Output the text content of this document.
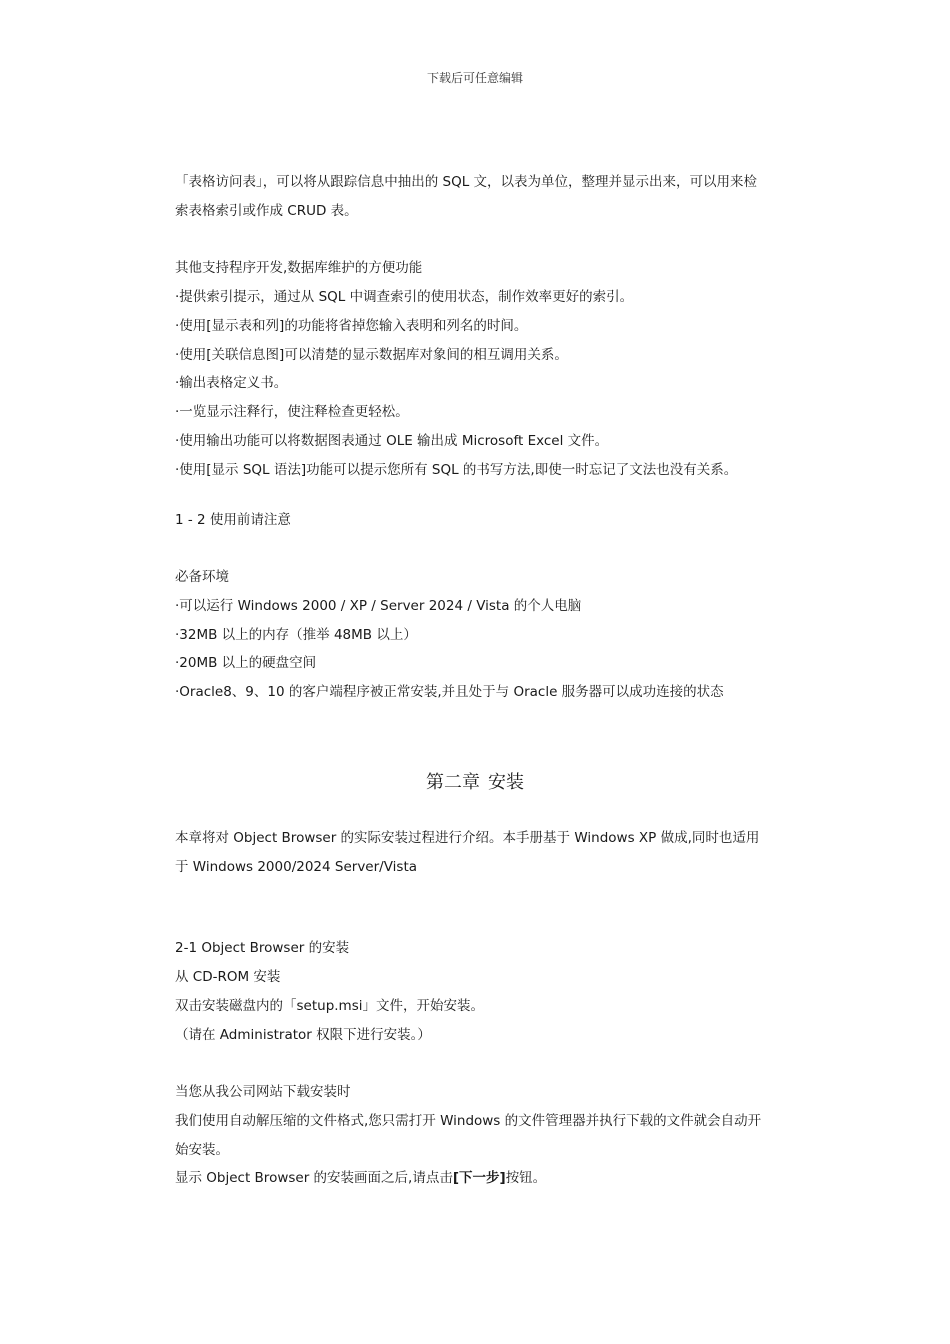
下载后可任意编辑
「表格访问表」，可以将从跟踪信息中抽出的 SQL 文，以表为单位，整理并显示出来，可以用来检
索表格索引或作成 CRUD 表。
其他支持程序开发,数据库维护的方便功能
·提供索引提示，通过从 SQL 中调查索引的使用状态，制作效率更好的索引。
·使用[显示表和列]的功能将省掉您输入表明和列名的时间。
·使用[关联信息图]可以清楚的显示数据库对象间的相互调用关系。
·输出表格定义书。
·一览显示注释行，使注释检查更轻松。
·使用输出功能可以将数据图表通过 OLE 输出成 Microsoft Excel 文件。
·使用[显示 SQL 语法]功能可以提示您所有 SQL 的书写方法,即使一时忘记了文法也没有关系。
1 - 2 使用前请注意
必备环境
·可以运行 Windows 2000 / XP / Server 2024 / Vista 的个人电脑
·32MB 以上的内存（推举 48MB 以上）
·20MB 以上的硬盘空间
·Oracle8、9、10 的客户端程序被正常安装,并且处于与 Oracle 服务器可以成功连接的状态
第二章 安装
本章将对 Object Browser 的实际安装过程进行介绍。本手册基于 Windows XP 做成,同时也适用
于 Windows 2000/2024 Server/Vista
2-1 Object Browser 的安装
从 CD-ROM 安装
双击安装磁盘内的「setup.msi」文件，开始安装。
（请在 Administrator 权限下进行安装。）
当您从我公司网站下载安装时
我们使用自动解压缩的文件格式,您只需打开 Windows 的文件管理器并执行下载的文件就会自动开
始安装。
显示 Object Browser 的安装画面之后,请点击[下一步]按钮。
